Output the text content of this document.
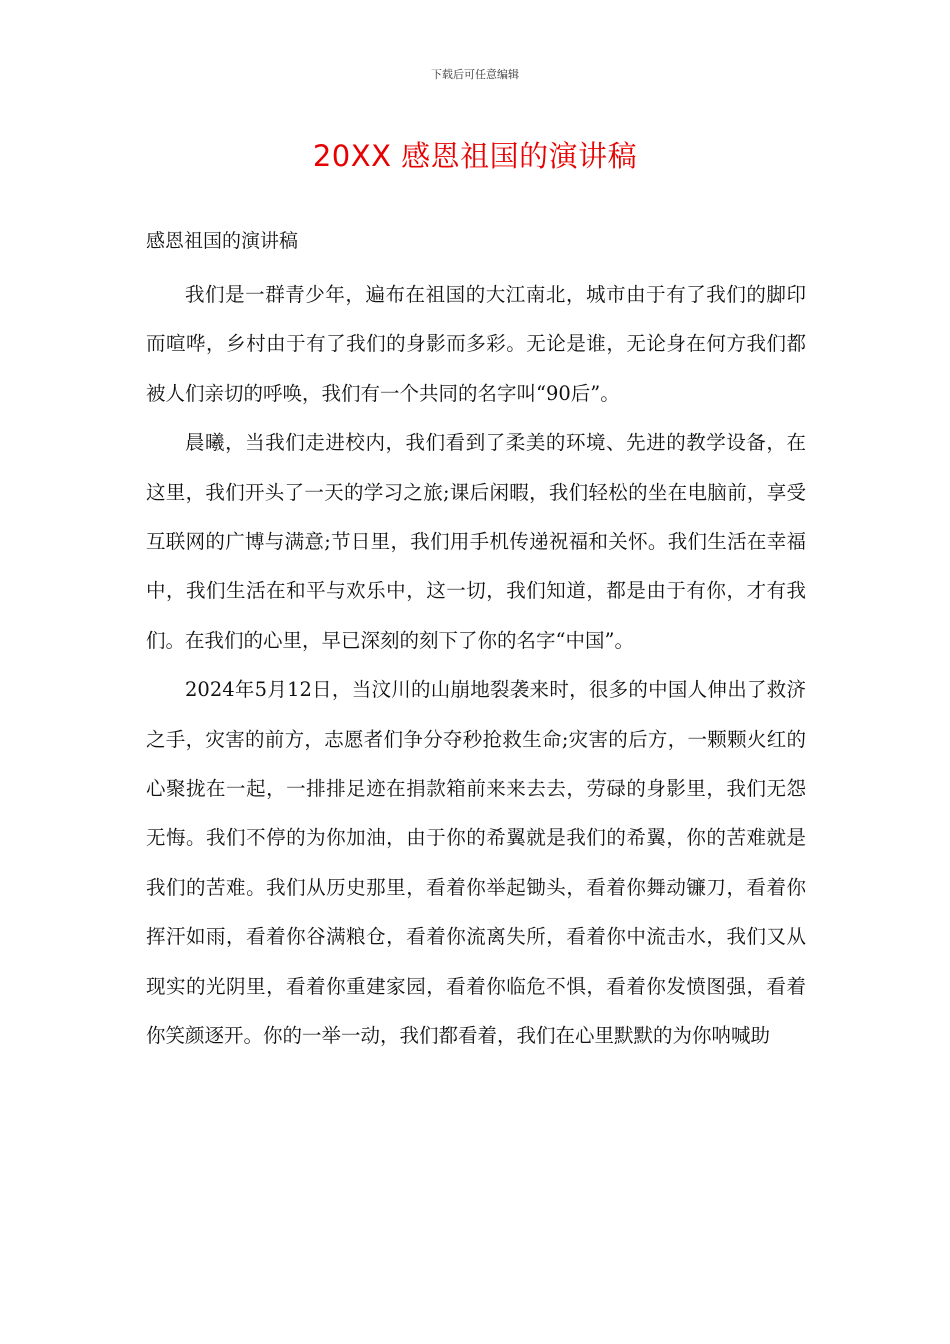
下载后可任意编辑
20XX 感恩祖国的演讲稿
感恩祖国的演讲稿

我们是一群青少年，遍布在祖国的大江南北，城市由于有了我们的脚印而喧哗，乡村由于有了我们的身影而多彩。无论是谁，无论身在何方我们都被人们亲切的呼唤，我们有一个共同的名字叫“90后”。

晨曦，当我们走进校内，我们看到了柔美的环境、先进的教学设备，在这里，我们开头了一天的学习之旅;课后闲暇，我们轻松的坐在电脑前，享受互联网的广博与满意;节日里，我们用手机传递祝福和关怀。我们生活在幸福中，我们生活在和平与欢乐中，这一切，我们知道，都是由于有你，才有我们。在我们的心里，早已深刻的刻下了你的名字“中国”。

2024年5月12日，当汶川的山崩地裂袭来时，很多的中国人伸出了救济之手，灾害的前方，志愿者们争分夺秒抢救生命;灾害的后方，一颗颗火红的心聚拢在一起，一排排足迹在捐款箱前来来去去，劳碌的身影里，我们无怨无悔。我们不停的为你加油，由于你的希翼就是我们的希翼，你的苦难就是我们的苦难。我们从历史那里，看着你举起锄头，看着你舞动镰刀，看着你挥汗如雨，看着你谷满粮仓，看着你流离失所，看着你中流击水，我们又从现实的光阴里，看着你重建家园，看着你临危不惧，看着你发愤图强，看着你笑颜逐开。你的一举一动，我们都看着，我们在心里默默的为你呐喊助
